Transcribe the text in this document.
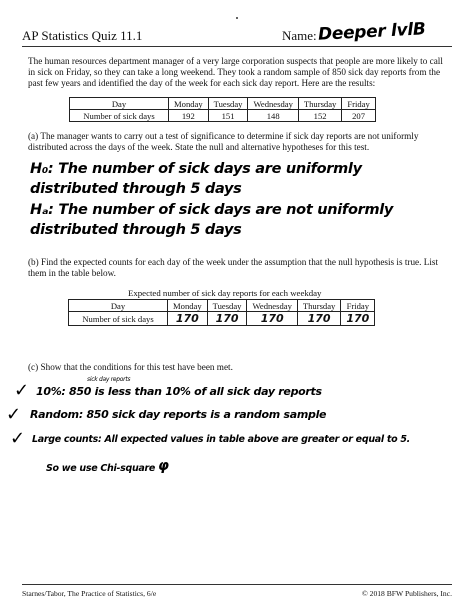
AP Statistics Quiz 11.1	Name: Deeper lvlB
The human resources department manager of a very large corporation suspects that people are more likely to call in sick on Friday, so they can take a long weekend. They took a random sample of 850 sick day reports from the past few years and identified the day of the week for each sick day report. Here are the results:
Day	Monday	Tuesday	Wednesday	Thursday	Friday
Number of sick days	192	151	148	152	207
(a) The manager wants to carry out a test of significance to determine if sick day reports are not uniformly distributed across the days of the week. State the null and alternative hypotheses for this test.
H₀: The number of sick days are uniformly distributed through 5 days
Hₐ: The number of sick days are not uniformly distributed through 5 days
(b) Find the expected counts for each day of the week under the assumption that the null hypothesis is true. List them in the table below.
Expected number of sick day reports for each weekday
Day	Monday	Tuesday	Wednesday	Thursday	Friday
Number of sick days	170	170	170	170	170
(c) Show that the conditions for this test have been met.
✓
sick day reports
10%: 850 is less than 10% of all sick day reports
✓ Random: 850 sick day reports is a random sample
✓ Large counts: All expected values in table above are greater or equal to 5.
So we use Chi-square φ
Starnes/Tabor, The Practice of Statistics, 6/e	© 2018 BFW Publishers, Inc.
